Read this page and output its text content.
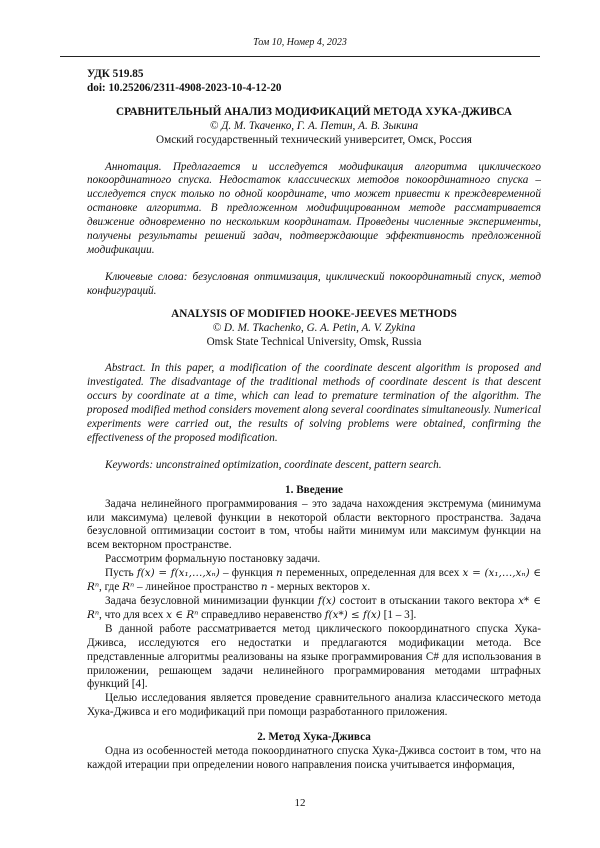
Том 10, Номер 4, 2023

УДК 519.85

doi: 10.25206/2311-4908-2023-10-4-12-20

СРАВНИТЕЛЬНЫЙ АНАЛИЗ МОДИФИКАЦИЙ МЕТОДА ХУКА-ДЖИВСА

© Д. М. Ткаченко, Г. А. Петин, А. В. Зыкина

Омский государственный технический университет, Омск, Россия

Аннотация. Предлагается и исследуется модификация алгоритма циклического покоординатного спуска. Недостаток классических методов покоординатного спуска – исследуется спуск только по одной координате, что может привести к преждевременной остановке алгоритма. В предложенном модифицированном методе рассматривается движение одновременно по нескольким координатам. Проведены численные эксперименты, получены результаты решений задач, подтверждающие эффективность предложенной модификации.

Ключевые слова: безусловная оптимизация, циклический покоординатный спуск, метод конфигураций.

ANALYSIS OF MODIFIED HOOKE-JEEVES METHODS

© D. M. Tkachenko, G. A. Petin, A. V. Zykina

Omsk State Technical University, Omsk, Russia

Abstract. In this paper, a modification of the coordinate descent algorithm is proposed and investigated. The disadvantage of the traditional methods of coordinate descent is that descent occurs by coordinate at a time, which can lead to premature termination of the algorithm. The proposed modified method considers movement along several coordinates simultaneously. Numerical experiments were carried out, the results of solving problems were obtained, confirming the effectiveness of the proposed modification.

Keywords: unconstrained optimization, coordinate descent, pattern search.

1. Введение

Задача нелинейного программирования – это задача нахождения экстремума (минимума или максимума) целевой функции в некоторой области векторного пространства. Задача безусловной оптимизации состоит в том, чтобы найти минимум или максимум функции на всем векторном пространстве.

Рассмотрим формальную постановку задачи.

Пусть f(x) = f(x₁,…,xₙ) – функция n переменных, определенная для всех x = (x₁,…,xₙ) ∈ Rⁿ, где Rⁿ – линейное пространство n - мерных векторов x.

Задача безусловной минимизации функции f(x) состоит в отыскании такого вектора x* ∈ Rⁿ, что для всех x ∈ Rⁿ справедливо неравенство f(x*) ≤ f(x) [1 – 3].

В данной работе рассматривается метод циклического покоординатного спуска Хука-Дживса, исследуются его недостатки и предлагаются модификации метода. Все представленные алгоритмы реализованы на языке программирования C# для использования в приложении, решающем задачи нелинейного программирования методами штрафных функций [4].

Целью исследования является проведение сравнительного анализа классического метода Хука-Дживса и его модификаций при помощи разработанного приложения.

2. Метод Хука-Дживса

Одна из особенностей метода покоординатного спуска Хука-Дживса состоит в том, что на каждой итерации при определении нового направления поиска учитывается информация,

12
